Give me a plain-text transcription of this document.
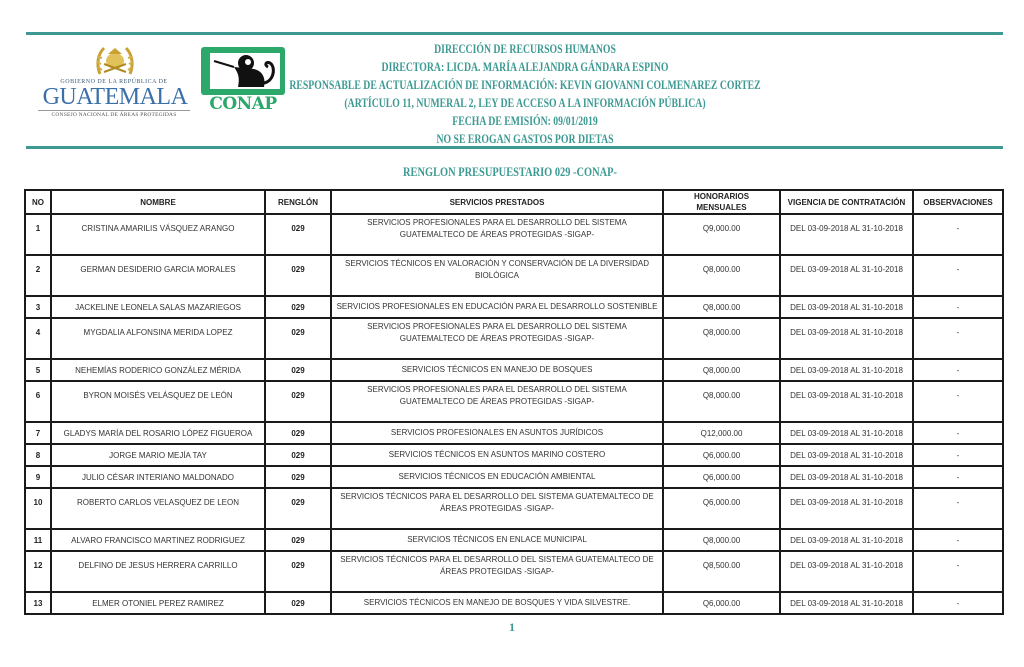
GOBIERNO DE LA REPÚBLICA DE
GUATEMALA
CONSEJO NACIONAL DE ÁREAS PROTEGIDAS
CONAP
DIRECCIÓN DE RECURSOS HUMANOS
DIRECTORA: LICDA. MARÍA ALEJANDRA GÁNDARA ESPINO
RESPONSABLE DE ACTUALIZACIÓN DE INFORMACIÓN: KEVIN GIOVANNI COLMENAREZ CORTEZ
(ARTÍCULO 11, NUMERAL 2, LEY DE ACCESO A LA INFORMACIÓN PÚBLICA)
FECHA DE EMISIÓN: 09/01/2019
NO SE EROGAN GASTOS POR DIETAS
RENGLON PRESUPUESTARIO 029 -CONAP-
NO	NOMBRE	RENGLÓN	SERVICIOS PRESTADOS	HONORARIOS MENSUALES	VIGENCIA DE CONTRATACIÓN	OBSERVACIONES
1	CRISTINA AMARILIS VÁSQUEZ ARANGO	029	SERVICIOS PROFESIONALES PARA EL DESARROLLO DEL SISTEMA GUATEMALTECO DE ÁREAS PROTEGIDAS -SIGAP-	Q9,000.00	DEL 03-09-2018 AL 31-10-2018	-
2	GERMAN DESIDERIO GARCIA MORALES	029	SERVICIOS TÉCNICOS EN VALORACIÓN Y CONSERVACIÓN DE LA DIVERSIDAD BIOLÓGICA	Q8,000.00	DEL 03-09-2018 AL 31-10-2018	-
3	JACKELINE LEONELA SALAS MAZARIEGOS	029	SERVICIOS PROFESIONALES EN EDUCACIÓN PARA EL DESARROLLO SOSTENIBLE	Q8,000.00	DEL 03-09-2018 AL 31-10-2018	-
4	MYGDALIA ALFONSINA MERIDA LOPEZ	029	SERVICIOS PROFESIONALES PARA EL DESARROLLO DEL SISTEMA GUATEMALTECO DE ÁREAS PROTEGIDAS -SIGAP-	Q8,000.00	DEL 03-09-2018 AL 31-10-2018	-
5	NEHEMÍAS RODERICO GONZÁLEZ MÉRIDA	029	SERVICIOS TÉCNICOS EN MANEJO DE BOSQUES	Q8,000.00	DEL 03-09-2018 AL 31-10-2018	-
6	BYRON MOISÉS VELÁSQUEZ DE LEÓN	029	SERVICIOS PROFESIONALES PARA EL DESARROLLO DEL SISTEMA GUATEMALTECO DE ÁREAS PROTEGIDAS -SIGAP-	Q8,000.00	DEL 03-09-2018 AL 31-10-2018	-
7	GLADYS MARÍA DEL ROSARIO LÓPEZ FIGUEROA	029	SERVICIOS PROFESIONALES EN ASUNTOS JURÍDICOS	Q12,000.00	DEL 03-09-2018 AL 31-10-2018	-
8	JORGE MARIO MEJÍA TAY	029	SERVICIOS TÉCNICOS EN ASUNTOS MARINO COSTERO	Q6,000.00	DEL 03-09-2018 AL 31-10-2018	-
9	JULIO CÉSAR INTERIANO MALDONADO	029	SERVICIOS TÉCNICOS EN EDUCACIÓN AMBIENTAL	Q6,000.00	DEL 03-09-2018 AL 31-10-2018	-
10	ROBERTO CARLOS VELASQUEZ DE LEON	029	SERVICIOS TÉCNICOS PARA EL DESARROLLO DEL SISTEMA GUATEMALTECO DE ÁREAS PROTEGIDAS -SIGAP-	Q6,000.00	DEL 03-09-2018 AL 31-10-2018	-
11	ALVARO FRANCISCO MARTINEZ RODRIGUEZ	029	SERVICIOS TÉCNICOS EN ENLACE MUNICIPAL	Q8,000.00	DEL 03-09-2018 AL 31-10-2018	-
12	DELFINO DE JESUS HERRERA CARRILLO	029	SERVICIOS TÉCNICOS PARA EL DESARROLLO DEL SISTEMA GUATEMALTECO DE ÁREAS PROTEGIDAS -SIGAP-	Q8,500.00	DEL 03-09-2018 AL 31-10-2018	-
13	ELMER OTONIEL PEREZ RAMIREZ	029	SERVICIOS TÉCNICOS EN MANEJO DE BOSQUES Y VIDA SILVESTRE.	Q6,000.00	DEL 03-09-2018 AL 31-10-2018	-
1
